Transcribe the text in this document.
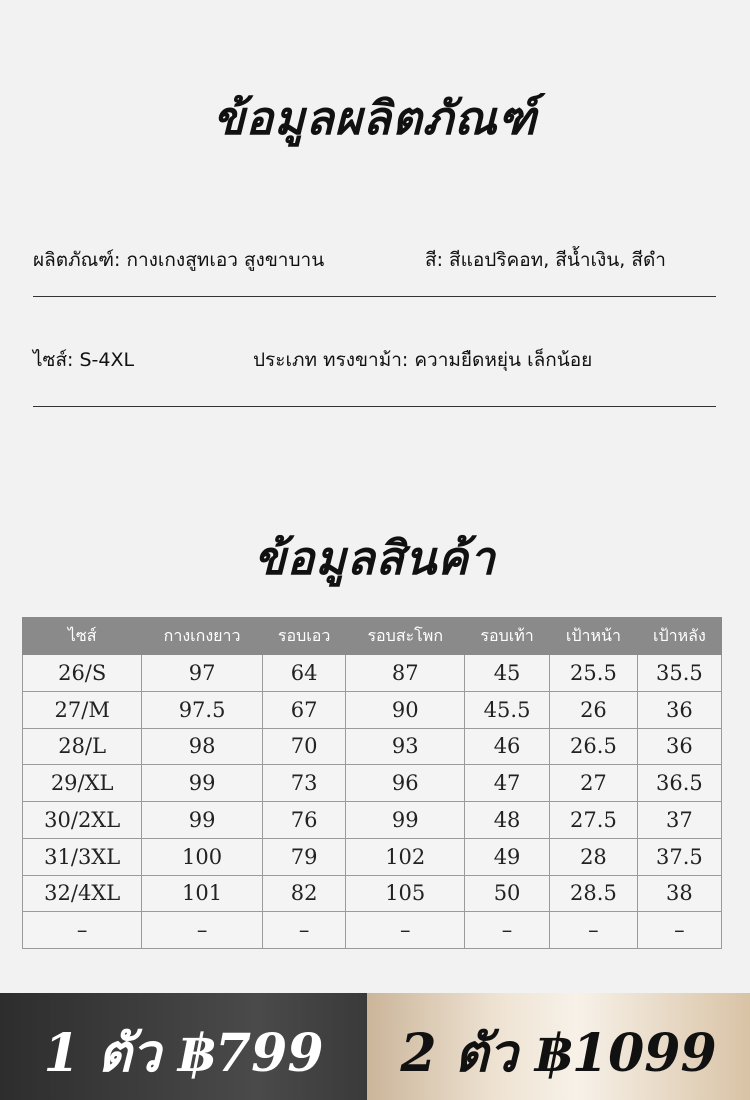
ข้อมูลผลิตภัณฑ์
ผลิตภัณฑ์: กางเกงสูทเอว สูงขาบาน	สี: สีแอปริคอท, สีน้ำเงิน, สีดำ
ไซส์: S-4XL	ประเภท ทรงขาม้า: ความยืดหยุ่น เล็กน้อย
ข้อมูลสินค้า
ไซส์	กางเกงยาว	รอบเอว	รอบสะโพก	รอบเท้า	เป้าหน้า	เป้าหลัง
26/S	97	64	87	45	25.5	35.5
27/M	97.5	67	90	45.5	26	36
28/L	98	70	93	46	26.5	36
29/XL	99	73	96	47	27	36.5
30/2XL	99	76	99	48	27.5	37
31/3XL	100	79	102	49	28	37.5
32/4XL	101	82	105	50	28.5	38
–	–	–	–	–	–	–
1 ตัว ฿799	2 ตัว ฿1099
